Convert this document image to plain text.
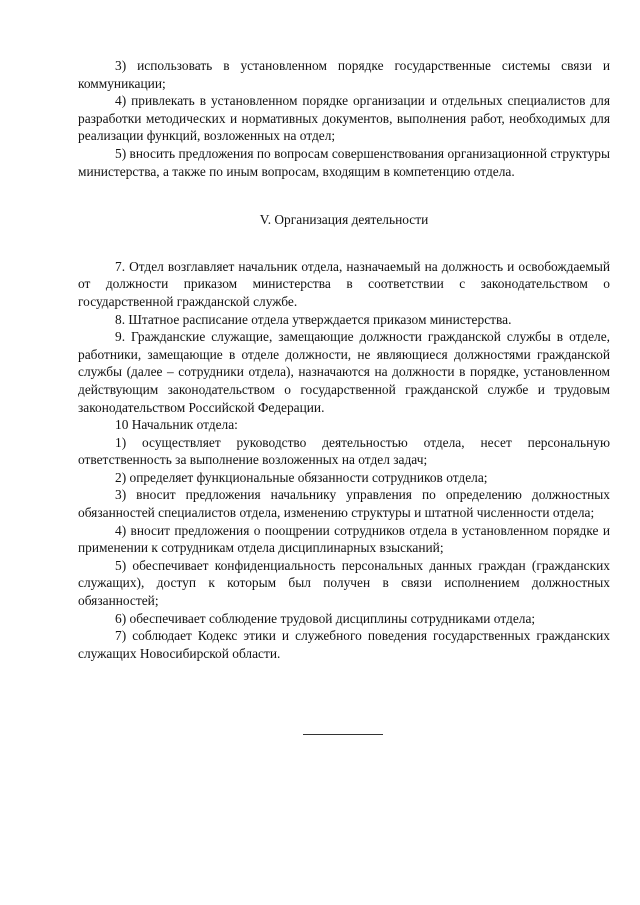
3) использовать в установленном порядке государственные системы связи и коммуникации;

4) привлекать в установленном порядке организации и отдельных специалистов для разработки методических и нормативных документов, выполнения работ, необходимых для реализации функций, возложенных на отдел;

5) вносить предложения по вопросам совершенствования организационной структуры министерства, а также по иным вопросам, входящим в компетенцию отдела.

V. Организация деятельности

7. Отдел возглавляет начальник отдела, назначаемый на должность и освобождаемый от должности приказом министерства в соответствии с законодательством о государственной гражданской службе.

8. Штатное расписание отдела утверждается приказом министерства.

9. Гражданские служащие, замещающие должности гражданской службы в отделе, работники, замещающие в отделе должности, не являющиеся должностями гражданской службы (далее – сотрудники отдела), назначаются на должности в порядке, установленном действующим законодательством о государственной гражданской службе и трудовым законодательством Российской Федерации.

10 Начальник отдела:

1) осуществляет руководство деятельностью отдела, несет персональную ответственность за выполнение возложенных на отдел задач;

2) определяет функциональные обязанности сотрудников отдела;

3) вносит предложения начальнику управления по определению должностных обязанностей специалистов отдела, изменению структуры и штатной численности отдела;

4) вносит предложения о поощрении сотрудников отдела в установленном порядке и применении к сотрудникам отдела дисциплинарных взысканий;

5) обеспечивает конфиденциальность персональных данных граждан (гражданских служащих), доступ к которым был получен в связи исполнением должностных обязанностей;

6) обеспечивает соблюдение трудовой дисциплины сотрудниками отдела;

7) соблюдает Кодекс этики и служебного поведения государственных гражданских служащих Новосибирской области.
